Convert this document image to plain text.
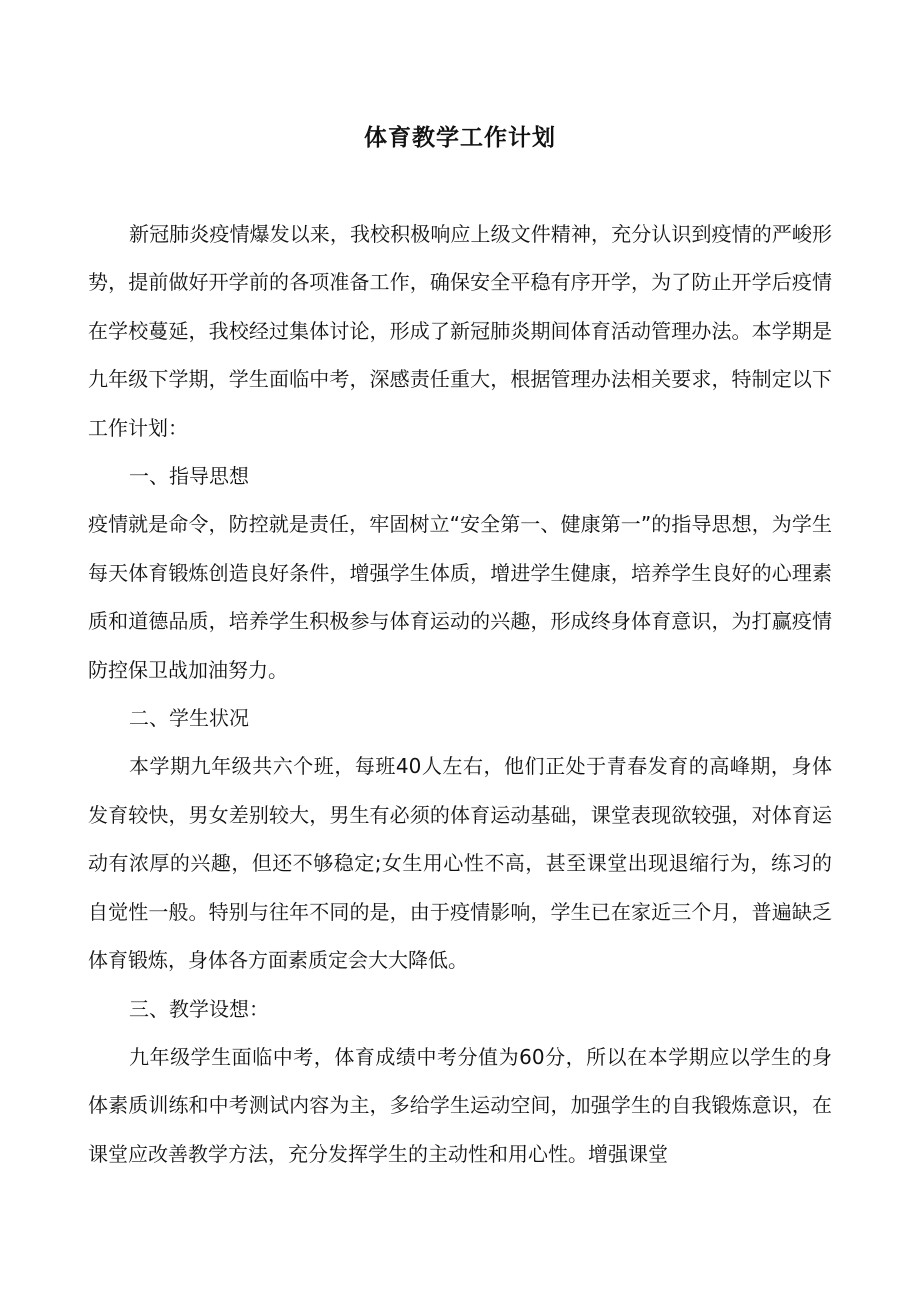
体育教学工作计划

新冠肺炎疫情爆发以来，我校积极响应上级文件精神，充分认识到疫情的严峻形势，提前做好开学前的各项准备工作，确保安全平稳有序开学，为了防止开学后疫情在学校蔓延，我校经过集体讨论，形成了新冠肺炎期间体育活动管理办法。本学期是九年级下学期，学生面临中考，深感责任重大，根据管理办法相关要求，特制定以下工作计划：

一、指导思想

疫情就是命令，防控就是责任，牢固树立“安全第一、健康第一”的指导思想，为学生每天体育锻炼创造良好条件，增强学生体质，增进学生健康，培养学生良好的心理素质和道德品质，培养学生积极参与体育运动的兴趣，形成终身体育意识，为打赢疫情防控保卫战加油努力。

二、学生状况

本学期九年级共六个班，每班40人左右，他们正处于青春发育的高峰期，身体发育较快，男女差别较大，男生有必须的体育运动基础，课堂表现欲较强，对体育运动有浓厚的兴趣，但还不够稳定;女生用心性不高，甚至课堂出现退缩行为，练习的自觉性一般。特别与往年不同的是，由于疫情影响，学生已在家近三个月，普遍缺乏体育锻炼，身体各方面素质定会大大降低。

三、教学设想：

九年级学生面临中考，体育成绩中考分值为60分，所以在本学期应以学生的身体素质训练和中考测试内容为主，多给学生运动空间，加强学生的自我锻炼意识，在课堂应改善教学方法，充分发挥学生的主动性和用心性。增强课堂
